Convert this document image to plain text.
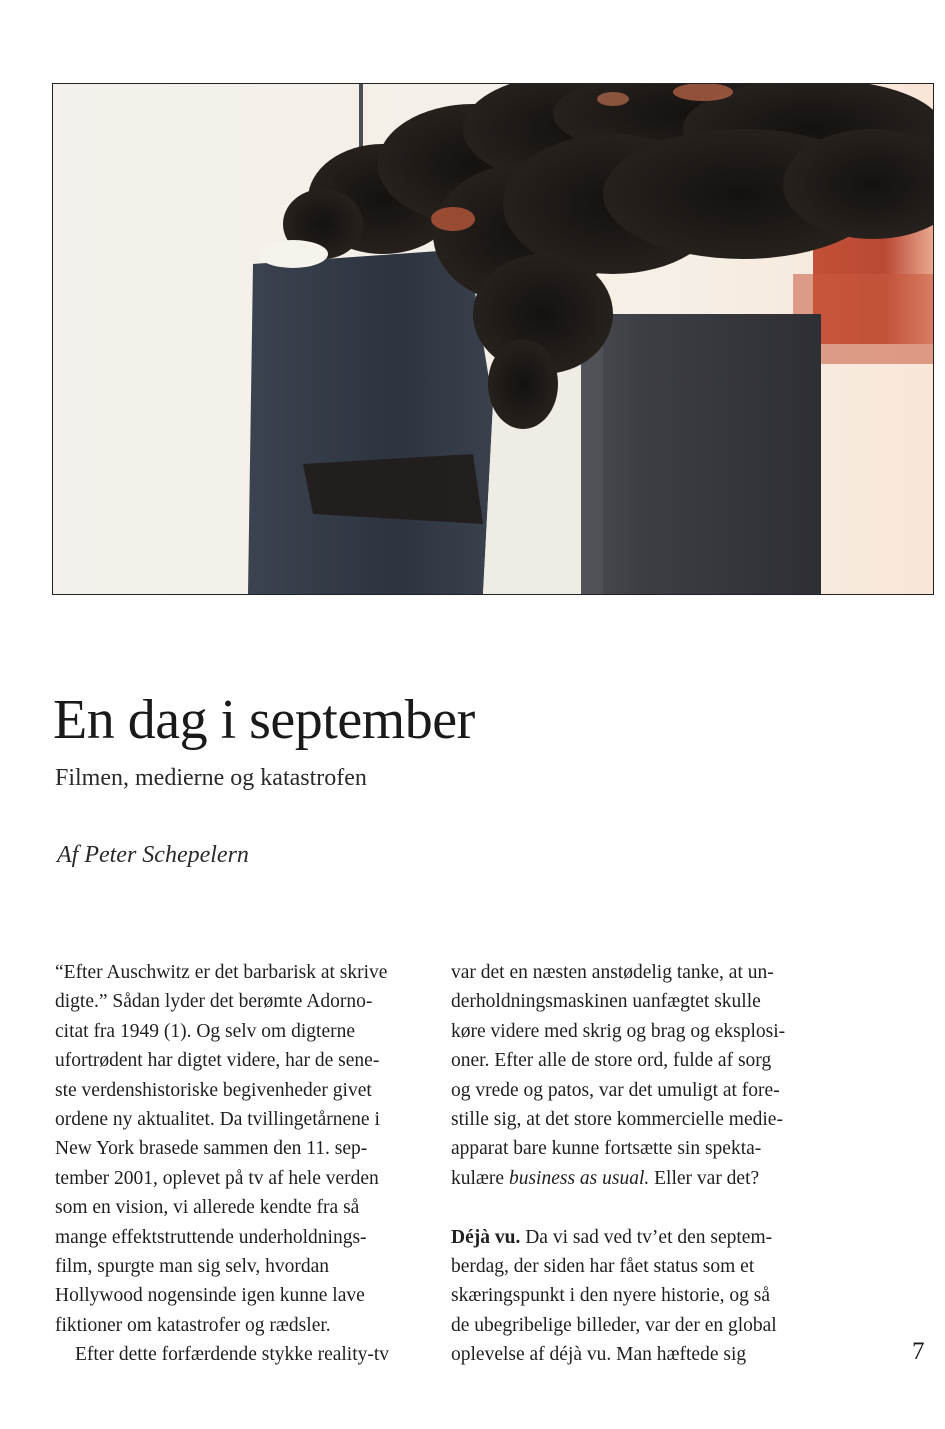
En dag i september
Filmen, medierne og katastrofen
Af Peter Schepelern

“Efter Auschwitz er det barbarisk at skrive
digte.” Sådan lyder det berømte Adorno-
citat fra 1949 (1). Og selv om digterne
ufortrødent har digtet videre, har de sene-
ste verdenshistoriske begivenheder givet
ordene ny aktualitet. Da tvillingetårnene i
New York brasede sammen den 11. sep-
tember 2001, oplevet på tv af hele verden
som en vision, vi allerede kendte fra så
mange effektstruttende underholdnings-
film, spurgte man sig selv, hvordan
Hollywood nogensinde igen kunne lave
fiktioner om katastrofer og rædsler.

Efter dette forfærdende stykke reality-tv

var det en næsten anstødelig tanke, at un-
derholdningsmaskinen uanfægtet skulle
køre videre med skrig og brag og eksplosi-
oner. Efter alle de store ord, fulde af sorg
og vrede og patos, var det umuligt at fore-
stille sig, at det store kommercielle medie-
apparat bare kunne fortsætte sin spekta-
kulære business as usual. Eller var det?

Déjà vu. Da vi sad ved tv’et den septem-
berdag, der siden har fået status som et
skæringspunkt i den nyere historie, og så
de ubegribelige billeder, var der en global
oplevelse af déjà vu. Man hæftede sig	7
